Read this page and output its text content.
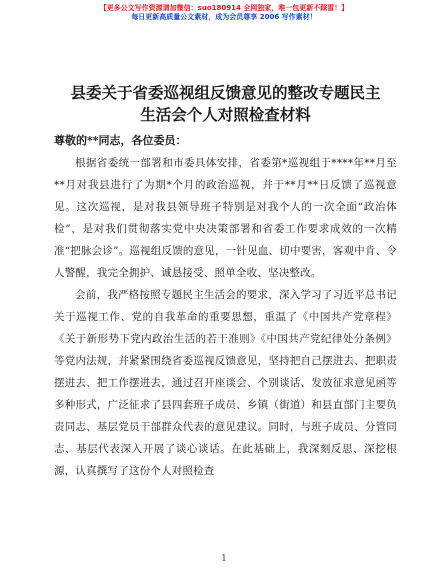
【更多公文写作资源请加微信：suo180914 全网独家，唯一包更新不踩雷！】
每日更新高质量公文素材，成为会员尊享 2006 写作素材！
县委关于省委巡视组反馈意见的整改专题民主
生活会个人对照检查材料

尊敬的**同志，各位委员：

根据省委统一部署和市委具体安排，省委第*巡视组于****年**月至**月对我县进行了为期*个月的政治巡视，并于**月**日反馈了巡视意见。这次巡视，是对我县领导班子特别是对我个人的一次全面“政治体检”，是对我们贯彻落实党中央决策部署和省委工作要求成效的一次精准“把脉会诊”。巡视组反馈的意见，一针见血、切中要害，客观中肯、令人警醒，我完全拥护、诚恳接受、照单全收、坚决整改。

会前，我严格按照专题民主生活会的要求，深入学习了习近平总书记关于巡视工作、党的自我革命的重要思想，重温了《中国共产党章程》《关于新形势下党内政治生活的若干准则》《中国共产党纪律处分条例》等党内法规，并紧紧围绕省委巡视反馈意见，坚持把自己摆进去、把职责摆进去、把工作摆进去，通过召开座谈会、个别谈话、发放征求意见函等多种形式，广泛征求了县四套班子成员、乡镇（街道）和县直部门主要负责同志、基层党员干部群众代表的意见建议。同时，与班子成员、分管同志、基层代表深入开展了谈心谈话。在此基础上，我深刻反思、深挖根源，认真撰写了这份个人对照检查

1
